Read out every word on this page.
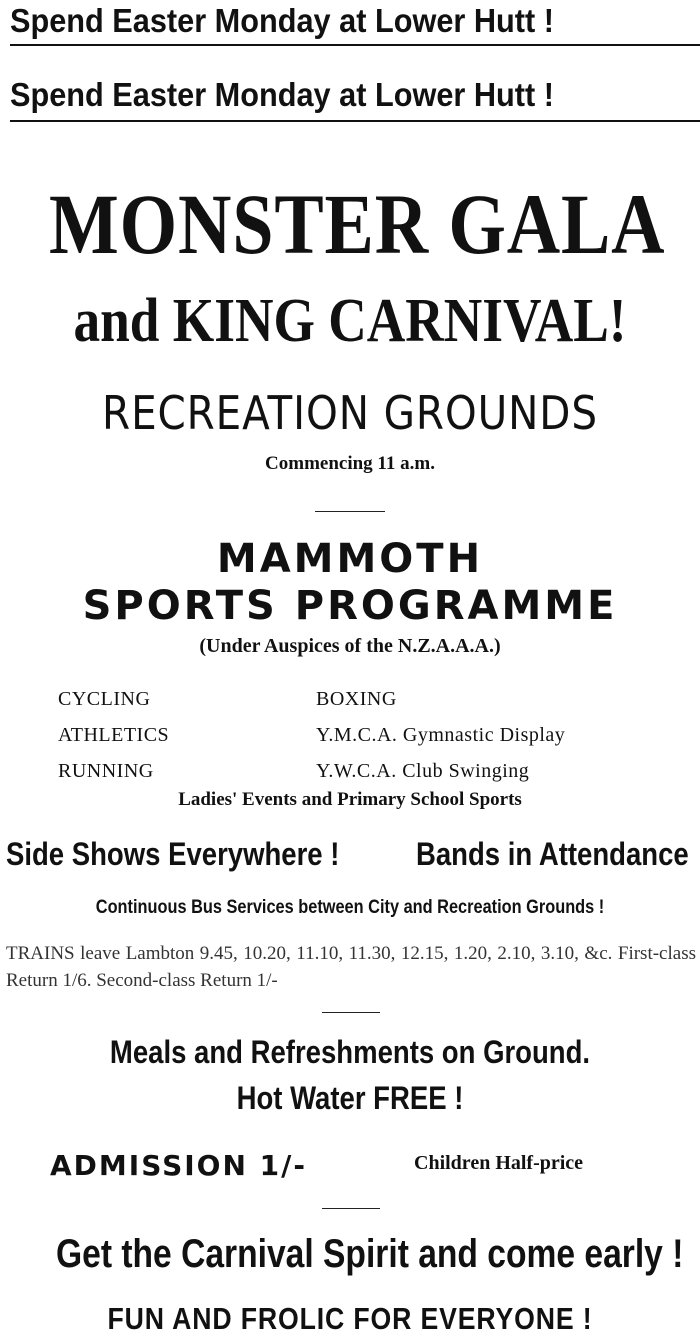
Spend Easter Monday at Lower Hutt !
Spend Easter Monday at Lower Hutt !
MONSTER GALA
and KING CARNIVAL!
RECREATION GROUNDS
Commencing 11 a.m.
MAMMOTH
SPORTS PROGRAMME
(Under Auspices of the N.Z.A.A.A.)
CYCLING
ATHLETICS
RUNNING
BOXING
Y.M.C.A. Gymnastic Display
Y.W.C.A. Club Swinging
Ladies' Events and Primary School Sports
Side Shows Everywhere !	Bands in Attendance
Continuous Bus Services between City and Recreation Grounds !
TRAINS leave Lambton 9.45, 10.20, 11.10, 11.30, 12.15, 1.20, 2.10, 3.10, &c. First-class Return 1/6. Second-class Return 1/-
Meals and Refreshments on Ground.
Hot Water FREE !
ADMISSION 1/-	Children Half-price
Get the Carnival Spirit and come early !
FUN AND FROLIC FOR EVERYONE !
